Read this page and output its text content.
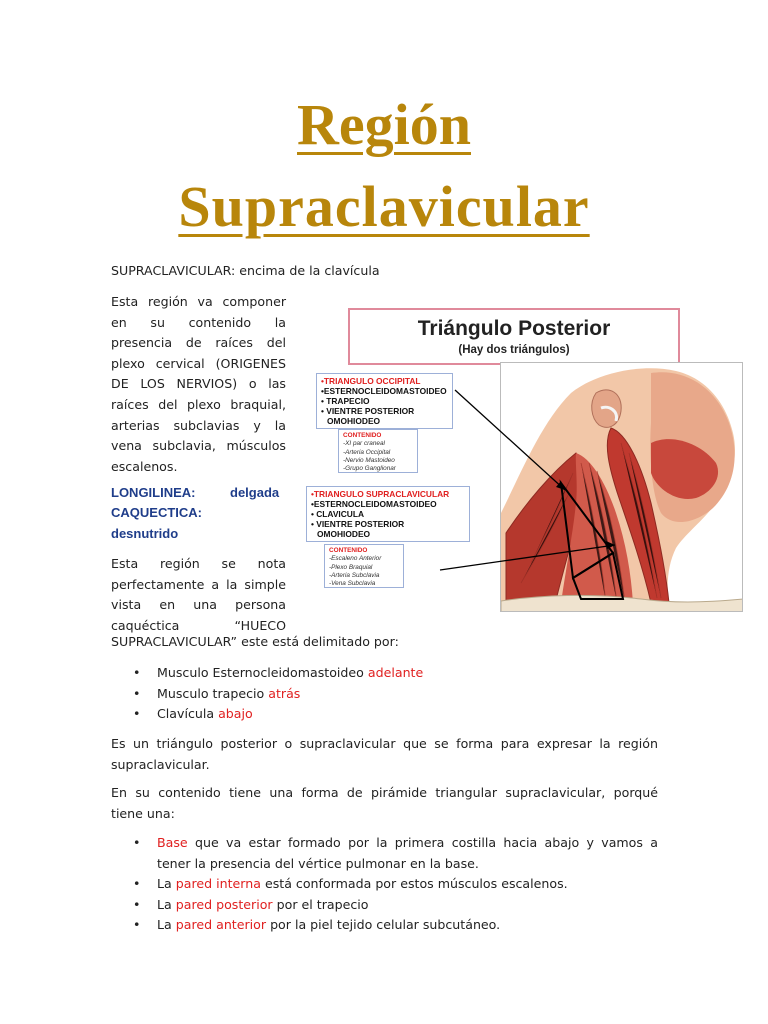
Región
Supraclavicular

SUPRACLAVICULAR: encima de la clavícula

Esta región va componer

en su contenido la

presencia de raíces del

plexo cervical (ORIGENES

DE LOS NERVIOS) o las

raíces del plexo braquial,

arterias subclavias y la

vena subclavia, músculos

escalenos.

LONGILINEA:	delgada
CAQUECTICA:
desnutrido

Esta región se nota

perfectamente a la simple

vista en una persona

caquéctica “HUECO

SUPRACLAVICULAR” este está delimitado por:

• Musculo Esternocleidomastoideo adelante
• Musculo trapecio atrás
• Clavícula abajo

Es un triángulo posterior o supraclavicular que se forma para expresar la región

supraclavicular.

En su contenido tiene una forma de pirámide triangular supraclavicular, porqué

tiene una:

• Base que va estar formado por la primera costilla hacia abajo y vamos a
tener la presencia del vértice pulmonar en la base.
• La pared interna está conformada por estos músculos escalenos.
• La pared posterior por el trapecio
• La pared anterior por la piel tejido celular subcutáneo.
Triángulo Posterior
(Hay dos triángulos)
•TRIANGULO OCCIPITAL
•ESTERNOCLEIDOMASTOIDEO
• TRAPECIO
• VIENTRE POSTERIOR
OMOHIODEO
CONTENIDO
-XI par craneal
-Arteria Occipital
-Nervio Mastoideo
-Grupo Ganglionar
•TRIANGULO SUPRACLAVICULAR
•ESTERNOCLEIDOMASTOIDEO
• CLAVICULA
• VIENTRE POSTERIOR
OMOHIODEO
CONTENIDO
-Escaleno Anterior
-Plexo Braquial
-Arteria Subclavia
-Vena Subclavia
